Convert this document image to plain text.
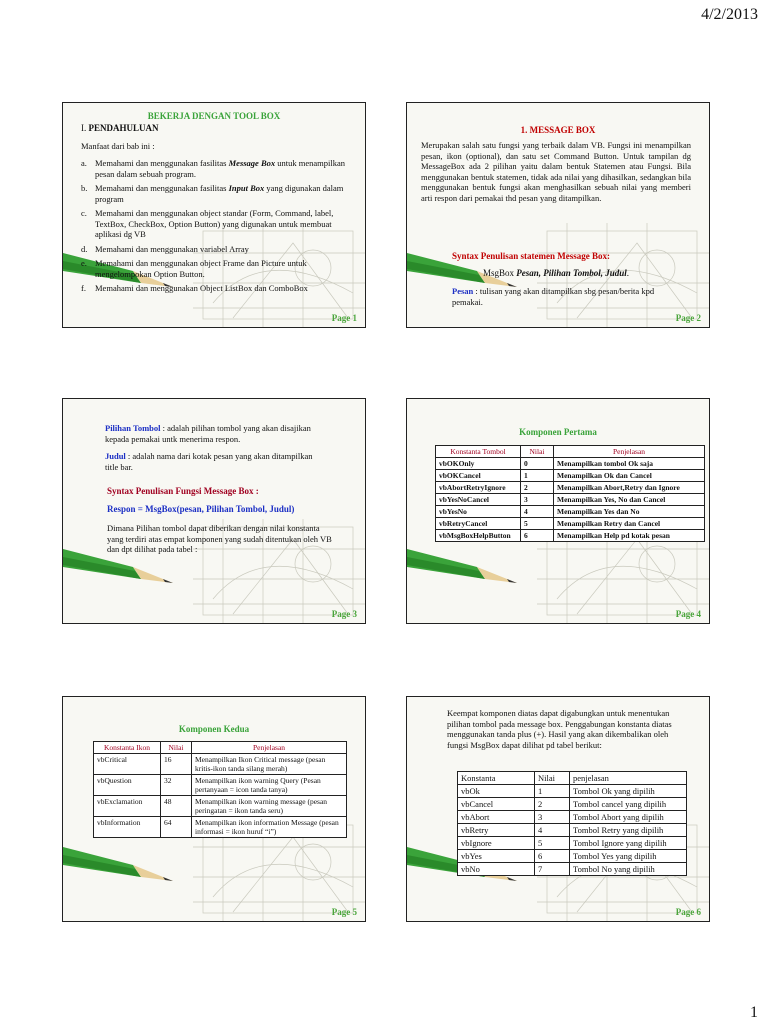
4/2/2013
1
BEKERJA DENGAN TOOL BOX
I. PENDAHULUAN
Manfaat dari bab ini :
a. Memahami dan menggunakan fasilitas Message Box untuk menampilkan pesan dalam sebuah program.
b. Memahami dan menggunakan fasilitas Input Box yang digunakan dalam program
c. Memahami dan menggunakan object standar (Form, Command, label, TextBox, CheckBox, Option Button) yang digunakan untuk membuat aplikasi dg VB
d. Memahami dan menggunakan variabel Array
e. Memahami dan menggunakan object Frame dan Picture untuk mengelompokan Option Button.
f. Memahami dan menggunakan Object ListBox dan ComboBox
Page 1
1. MESSAGE BOX
Merupakan salah satu fungsi yang terbaik dalam VB. Fungsi ini menampilkan pesan, ikon (optional), dan satu set Command Button. Untuk tampilan dg MessageBox ada 2 pilihan yaitu dalam bentuk Statemen atau Fungsi. Bila menggunakan bentuk statemen, tidak ada nilai yang dihasilkan, sedangkan bila menggunakan bentuk fungsi akan menghasilkan sebuah nilai yang memberi arti respon dari pemakai thd pesan yang ditampilkan.
Syntax Penulisan statemen Message Box:
MsgBox Pesan, Pilihan Tombol, Judul.
Pesan : tulisan yang akan ditampilkan sbg pesan/berita kpd pemakai.
Page 2
Pilihan Tombol : adalah pilihan tombol yang akan disajikan kepada pemakai untk menerima respon.
Judul : adalah nama dari kotak pesan yang akan ditampilkan title bar.
Syntax Penulisan Fungsi Message Box :
Respon = MsgBox(pesan, Pilihan Tombol, Judul)
Dimana Pilihan tombol dapat diberikan dengan nilai konstanta yang terdiri atas empat komponen yang sudah ditentukan oleh VB dan dpt dilihat pada tabel :
Page 3
Komponen Pertama
Konstanta Tombol	Nilai	Penjelasan
vbOKOnly	0	Menampilkan tombol Ok saja
vbOKCancel	1	Menampilkan Ok dan Cancel
vbAbortRetryIgnore	2	Menampilkan Abort,Retry dan Ignore
vbYesNoCancel	3	Menampilkan Yes, No dan Cancel
vbYesNo	4	Menampilkan Yes dan No
vbRetryCancel	5	Menampilkan Retry dan Cancel
vbMsgBoxHelpButton	6	Menampilkan Help pd kotak pesan
Page 4
Komponen Kedua
Konstanta Ikon	Nilai	Penjelasan
vbCritical	16	Menampilkan Ikon Critical message (pesan kritis-ikon tanda silang merah)
vbQuestion	32	Menampilkan ikon warning Query (Pesan pertanyaan = icon tanda tanya)
vbExclamation	48	Menampilkan ikon warning message (pesan peringatan = ikon tanda seru)
vbInformation	64	Menampilkan ikon information Message (pesan informasi = ikon huruf “i”)
Page 5
Keempat komponen diatas dapat digabungkan untuk menentukan pilihan tombol pada message box. Penggabungan konstanta diatas menggunakan tanda plus (+). Hasil yang akan dikembalikan oleh fungsi MsgBox dapat dilihat pd tabel berikut:
Konstanta	Nilai	penjelasan
vbOk	1	Tombol Ok yang dipilih
vbCancel	2	Tombol cancel yang dipilih
vbAbort	3	Tombol Abort yang dipilih
vbRetry	4	Tombol Retry yang dipilih
vbIgnore	5	Tombol Ignore yang dipilih
vbYes	6	Tombol Yes yang dipilih
vbNo	7	Tombol No yang dipilih
Page 6
